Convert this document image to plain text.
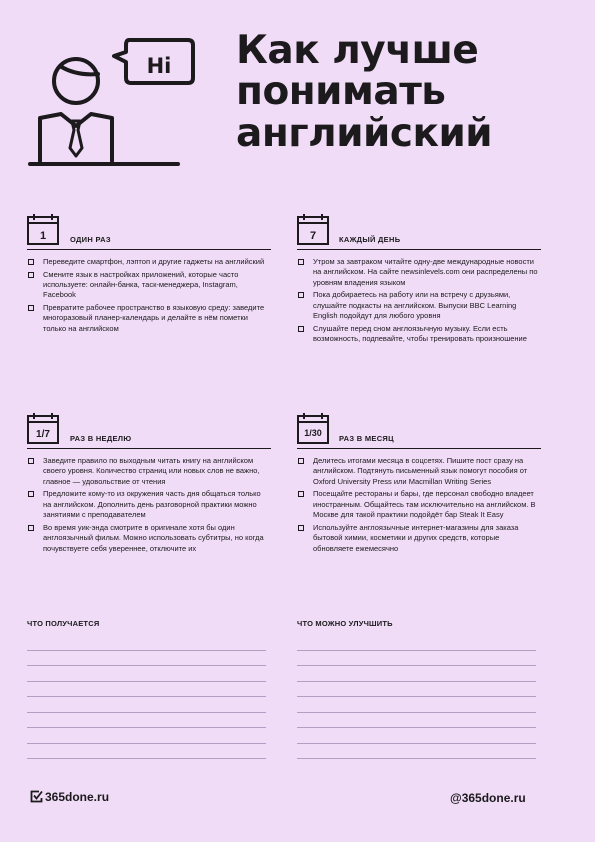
Hi Как лучше
понимать
английский
1	ОДИН РАЗ
Переведите смартфон, лэптоп и другие гаджеты на английский
Смените язык в настройках приложений, которые часто используете: онлайн-банка, таск-менеджера, Instagram, Facebook
Превратите рабочее пространство в языковую среду: заведите многоразовый планер-календарь и делайте в нём пометки только на английском
7	КАЖДЫЙ ДЕНЬ
Утром за завтраком читайте одну-две международные новости на английском. На сайте newsinlevels.com они распределены по уровням владения языком
Пока добираетесь на работу или на встречу с друзьями, слушайте подкасты на английском. Выпуски BBC Learning English подойдут для любого уровня
Слушайте перед сном англоязычную музыку. Если есть возможность, подпевайте, чтобы тренировать произношение
1/7	РАЗ В НЕДЕЛЮ
Заведите правило по выходным читать книгу на английском своего уровня. Количество страниц или новых слов не важно, главное — удовольствие от чтения
Предложите кому-то из окружения часть дня общаться только на английском. Дополнить день разговорной практики можно занятиями с преподавателем
Во время уик-энда смотрите в оригинале хотя бы один англоязычный фильм. Можно использовать субтитры, но когда почувствуете себя увереннее, отключите их
1/30
РАЗ В МЕСЯЦ
Делитесь итогами месяца в соцсетях. Пишите пост сразу на английском. Подтянуть письменный язык помогут пособия от Oxford University Press или Macmillan Writing Series
Посещайте рестораны и бары, где персонал свободно владеет иностранным. Общайтесь там исключительно на английском. В Москве для такой практики подойдёт бар Steak It Easy
Используйте англоязычные интернет-магазины для заказа бытовой химии, косметики и других средств, которые обновляете ежемесячно
ЧТО ПОЛУЧАЕТСЯ	ЧТО МОЖНО УЛУЧШИТЬ
365done.ru	@365done.ru
